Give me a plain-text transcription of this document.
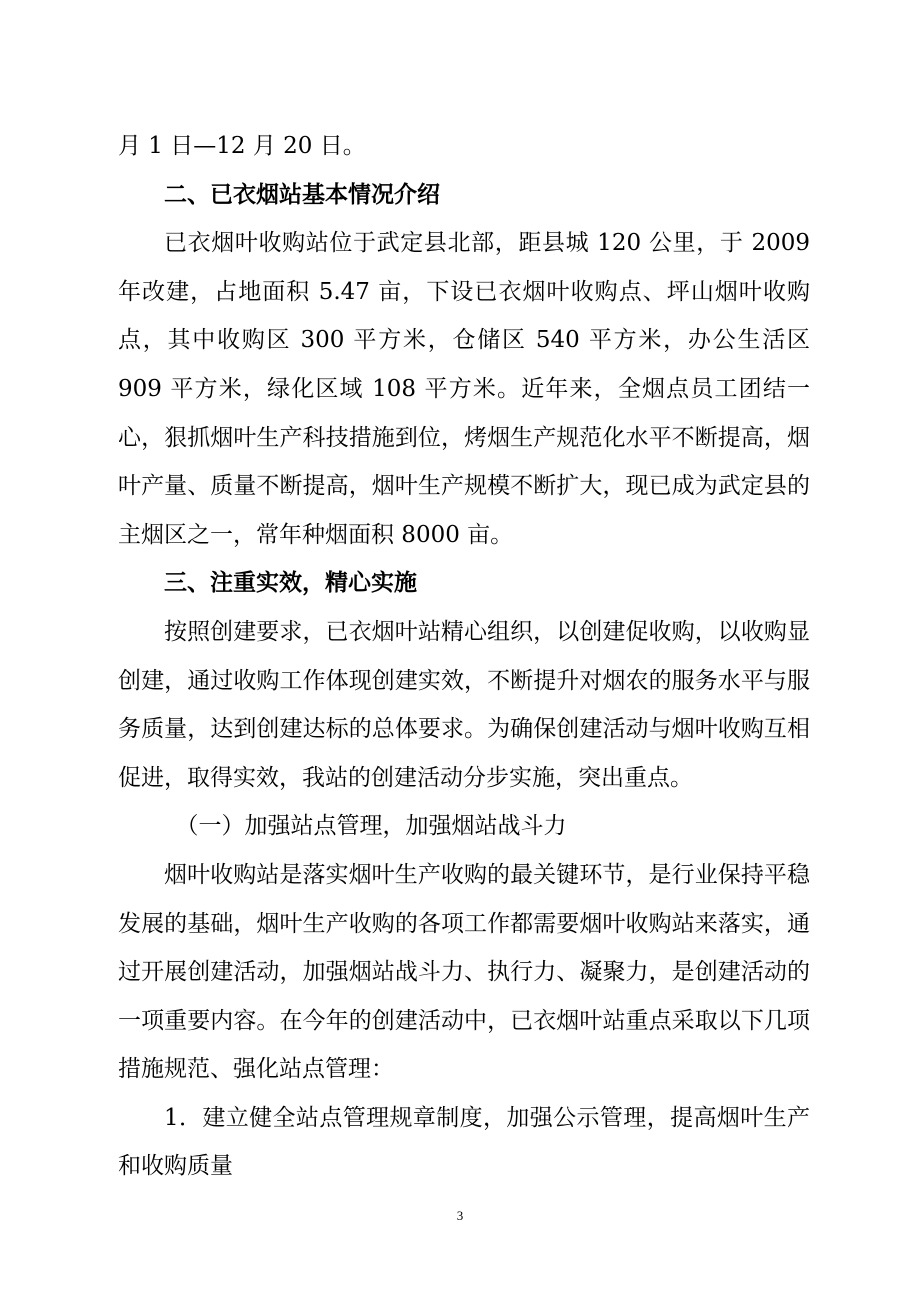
月 1 日—12 月 20 日。

二、已衣烟站基本情况介绍

已衣烟叶收购站位于武定县北部，距县城 120 公里，于 2009 年改建，占地面积 5.47 亩，下设已衣烟叶收购点、坪山烟叶收购点，其中收购区 300 平方米，仓储区 540 平方米，办公生活区 909 平方米，绿化区域 108 平方米。近年来，全烟点员工团结一心，狠抓烟叶生产科技措施到位，烤烟生产规范化水平不断提高，烟叶产量、质量不断提高，烟叶生产规模不断扩大，现已成为武定县的主烟区之一，常年种烟面积 8000 亩。

三、注重实效，精心实施

按照创建要求，已衣烟叶站精心组织，以创建促收购，以收购显创建，通过收购工作体现创建实效，不断提升对烟农的服务水平与服务质量，达到创建达标的总体要求。为确保创建活动与烟叶收购互相促进，取得实效，我站的创建活动分步实施，突出重点。

（一）加强站点管理，加强烟站战斗力

烟叶收购站是落实烟叶生产收购的最关键环节，是行业保持平稳发展的基础，烟叶生产收购的各项工作都需要烟叶收购站来落实，通过开展创建活动，加强烟站战斗力、执行力、凝聚力，是创建活动的一项重要内容。在今年的创建活动中，已衣烟叶站重点采取以下几项措施规范、强化站点管理：

1．建立健全站点管理规章制度，加强公示管理，提高烟叶生产和收购质量

3
